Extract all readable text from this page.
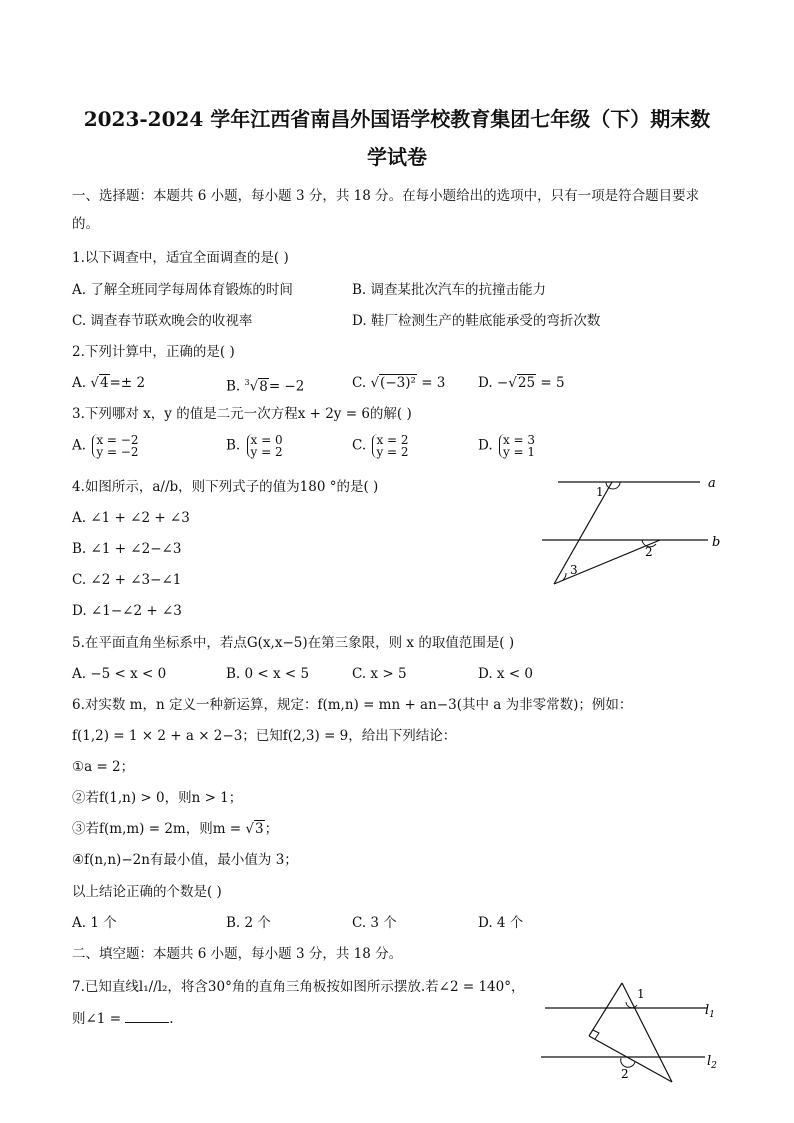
2023-2024 学年江西省南昌外国语学校教育集团七年级（下）期末数
学试卷
一、选择题：本题共 6 小题，每小题 3 分，共 18 分。在每小题给出的选项中，只有一项是符合题目要求
的。
1.以下调查中，适宜全面调查的是( )
A. 了解全班同学每周体育锻炼的时间	B. 调查某批次汽车的抗撞击能力
C. 调查春节联欢晚会的收视率	D. 鞋厂检测生产的鞋底能承受的弯折次数
2.下列计算中，正确的是( )
A. √4=± 2	B. $^3$√8= −2	C. √(−3)² = 3 D. −√25 = 5
3.下列哪对 x，y 的值是二元一次方程x + 2y = 6的解( )
A. x = −2
y = −2	B. x = 0
y = 2	C. x = 2
y = 2	D. x = 3
y = 1
4.如图所示，a//b，则下列式子的值为180 °的是( )
A. ∠1 + ∠2 + ∠3
B. ∠1 + ∠2−∠3
C. ∠2 + ∠3−∠1
D. ∠1−∠2 + ∠3
a
b
1
2
3
5.在平面直角坐标系中，若点G(x,x−5)在第三象限，则 x 的取值范围是( )
A. −5 < x < 0	B. 0 < x < 5	C. x > 5	D. x < 0
6.对实数 m，n 定义一种新运算，规定：f(m,n) = mn + an−3(其中 a 为非零常数)；例如：
f(1,2) = 1 × 2 + a × 2−3；已知f(2,3) = 9，给出下列结论：
①a = 2；
②若f(1,n) > 0，则n > 1；
③若f(m,m) = 2m，则m = √3；
④f(n,n)−2n有最小值，最小值为 3；
以上结论正确的个数是( )
A. 1 个	B. 2 个	C. 3 个	D. 4 个
二、填空题：本题共 6 小题，每小题 3 分，共 18 分。
7.已知直线l₁//l₂，将含30°角的直角三角板按如图所示摆放.若∠2 = 140°，
则∠1 =	.
1
2
$l_1$
$l_2$
